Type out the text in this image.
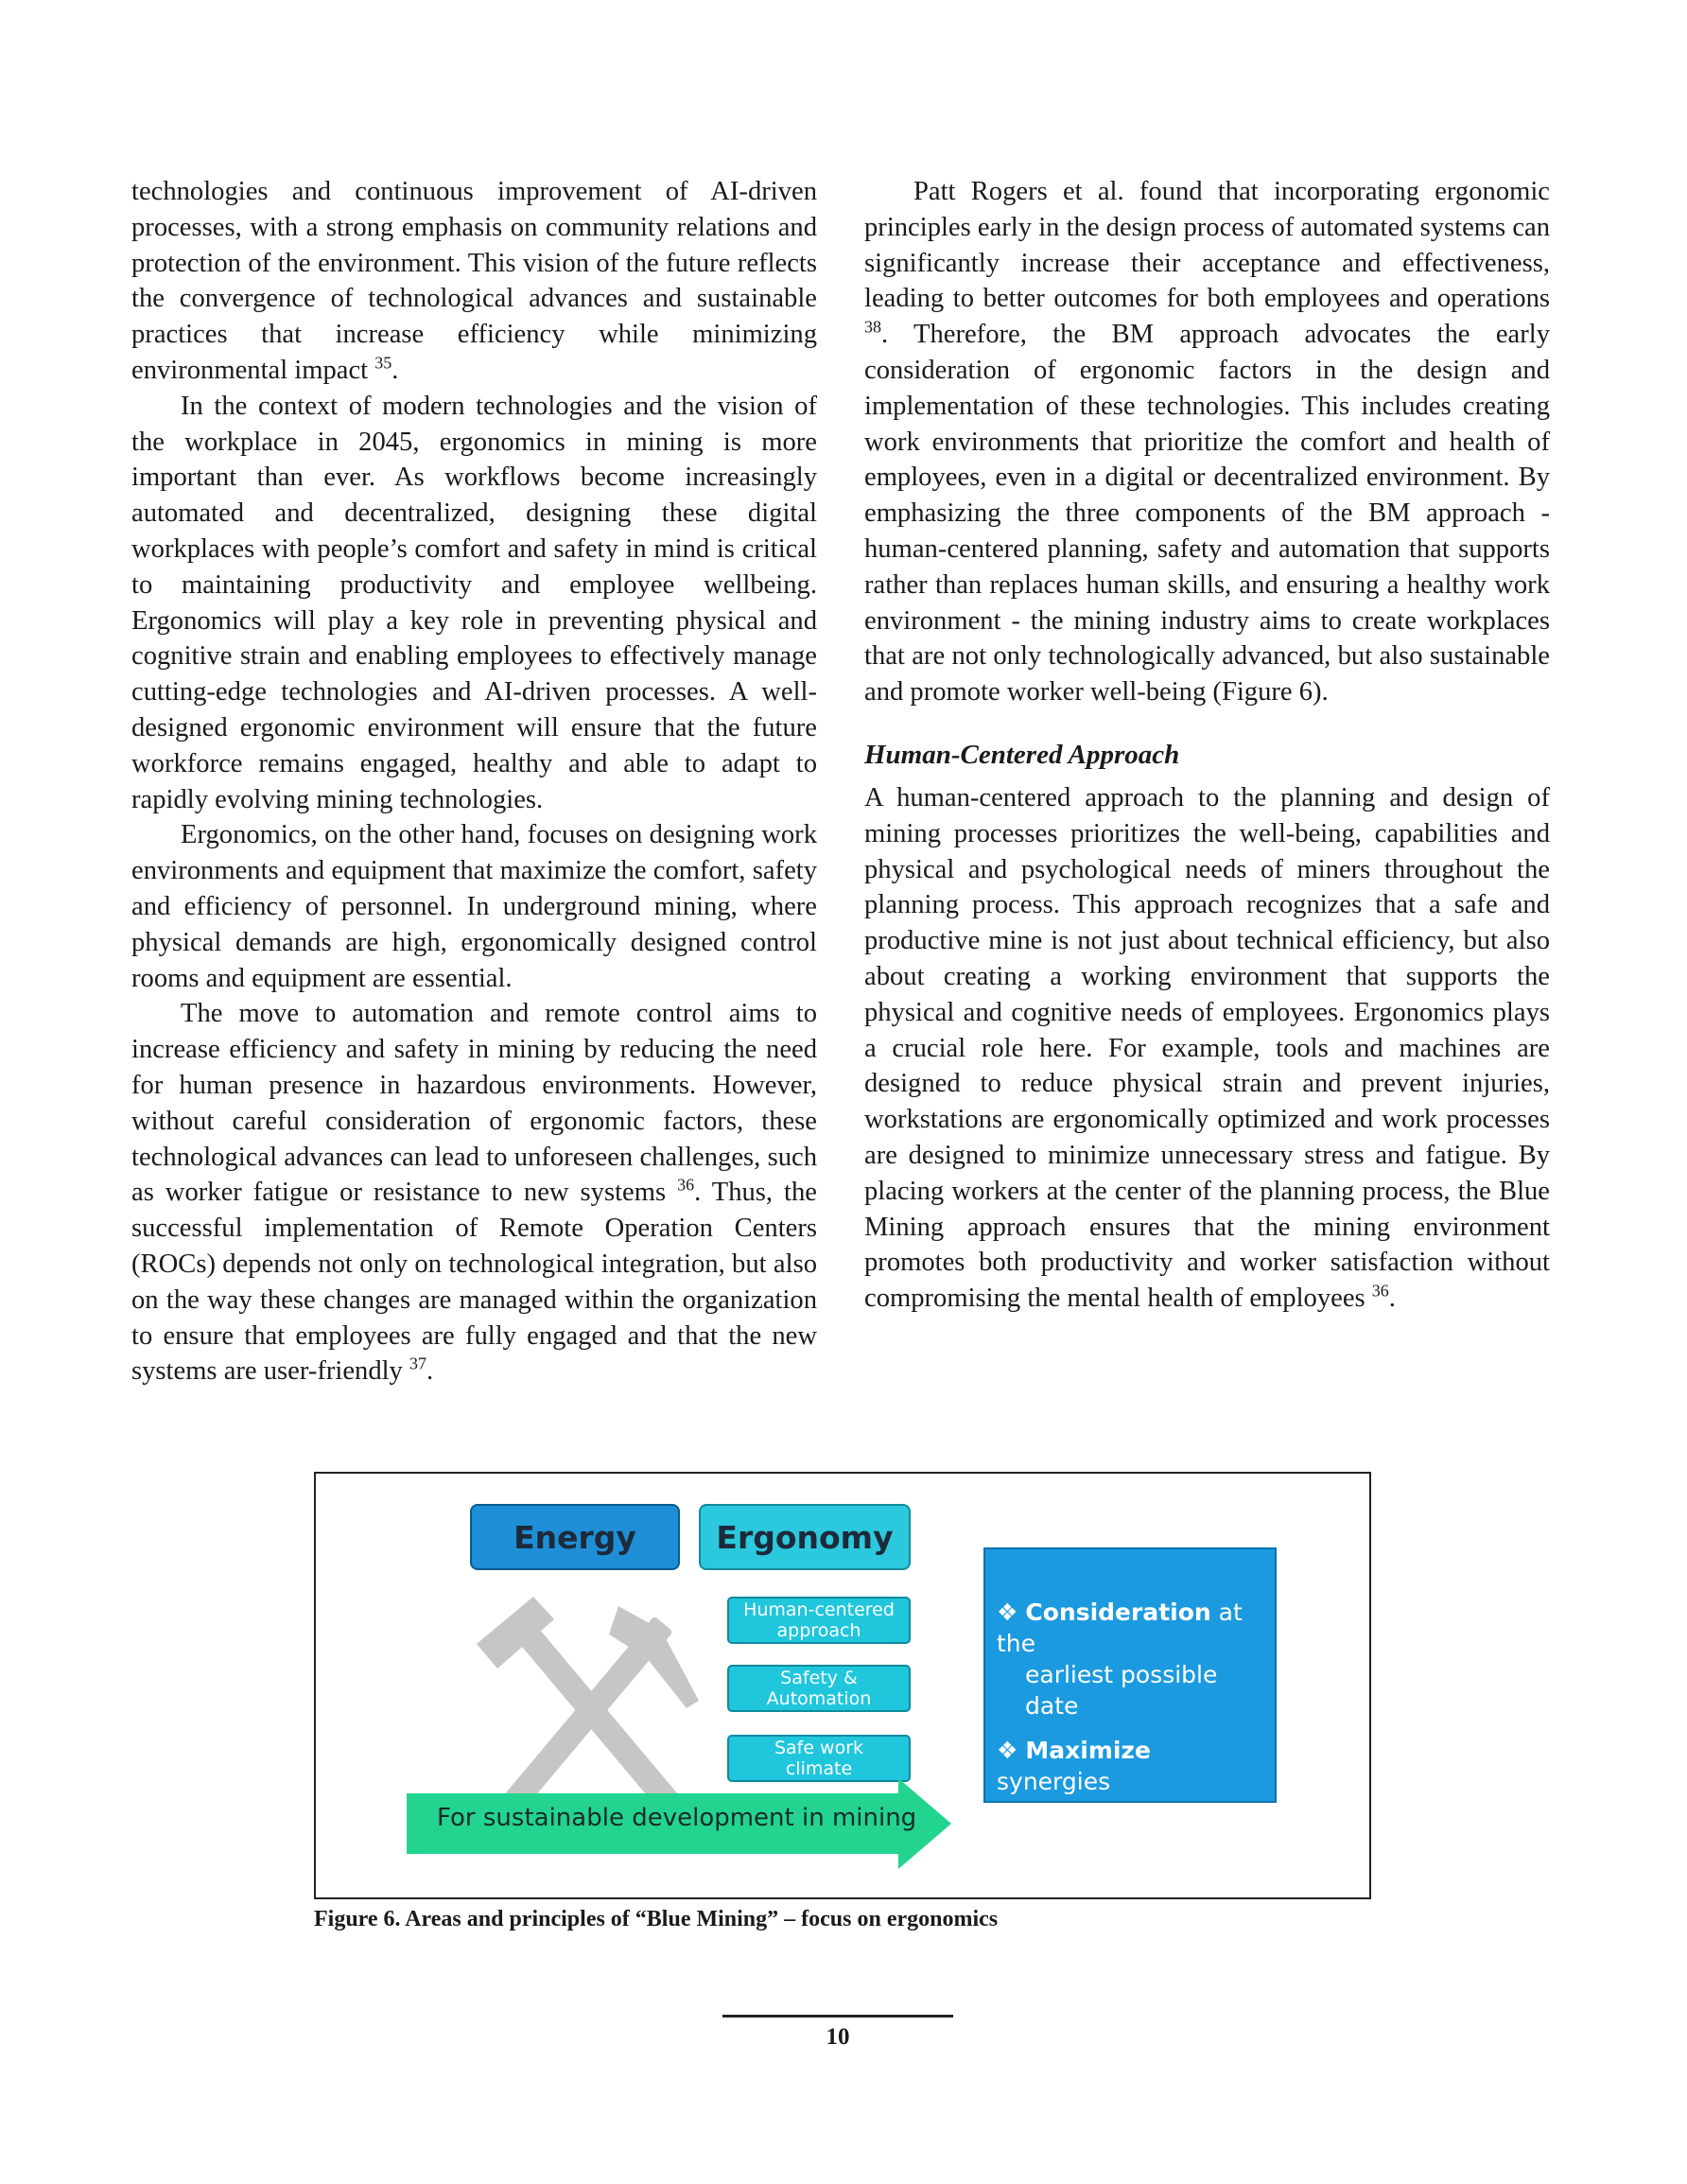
technologies and continuous improvement of AI-driven processes, with a strong emphasis on community relations and protection of the environment. This vision of the future reflects the convergence of technological advances and sustainable practices that increase efficiency while minimizing environmental impact $^{35}$.

In the context of modern technologies and the vision of the workplace in 2045, ergonomics in mining is more important than ever. As workflows become increasingly automated and decentralized, designing these digital workplaces with people’s comfort and safety in mind is critical to maintaining productivity and employee wellbeing. Ergonomics will play a key role in preventing physical and cognitive strain and enabling employees to effectively manage cutting-edge technologies and AI-driven processes. A well-designed ergonomic environment will ensure that the future workforce remains engaged, healthy and able to adapt to rapidly evolving mining technologies.

Ergonomics, on the other hand, focuses on designing work environments and equipment that maximize the comfort, safety and efficiency of personnel. In underground mining, where physical demands are high, ergonomically designed control rooms and equipment are essential.

The move to automation and remote control aims to increase efficiency and safety in mining by reducing the need for human presence in hazardous environments. However, without careful consideration of ergonomic factors, these technological advances can lead to unforeseen challenges, such as worker fatigue or resistance to new systems $^{36}$. Thus, the successful implementation of Remote Operation Centers (ROCs) depends not only on technological integration, but also on the way these changes are managed within the organization to ensure that employees are fully engaged and that the new systems are user-friendly $^{37}$.

Patt Rogers et al. found that incorporating ergonomic principles early in the design process of automated systems can significantly increase their acceptance and effectiveness, leading to better outcomes for both employees and operations $^{38}$. Therefore, the BM approach advocates the early consideration of ergonomic factors in the design and implementation of these technologies. This includes creating work environments that prioritize the comfort and health of employees, even in a digital or decentralized environment. By emphasizing the three components of the BM approach - human-centered planning, safety and automation that supports rather than replaces human skills, and ensuring a healthy work environment - the mining industry aims to create workplaces that are not only technologically advanced, but also sustainable and promote worker well-being (Figure 6).

Human-Centered Approach

A human-centered approach to the planning and design of mining processes prioritizes the well-being, capabilities and physical and psychological needs of miners throughout the planning process. This approach recognizes that a safe and productive mine is not just about technical efficiency, but also about creating a working environment that supports the physical and cognitive needs of employees. Ergonomics plays a crucial role here. For example, tools and machines are designed to reduce physical strain and prevent injuries, workstations are ergonomically optimized and work processes are designed to minimize unnecessary stress and fatigue. By placing workers at the center of the planning process, the Blue Mining approach ensures that the mining environment promotes both productivity and worker satisfaction without compromising the mental health of employees $^{36}$.

Energy	Ergonomy
Human-centered
approach
Safety &
Automation
Safe work
climate
For sustainable development in mining
❖ Consideration at the
earliest possible date
❖ Maximize synergies
❖ Minimize conflict
Figure 6. Areas and principles of “Blue Mining” – focus on ergonomics
10
